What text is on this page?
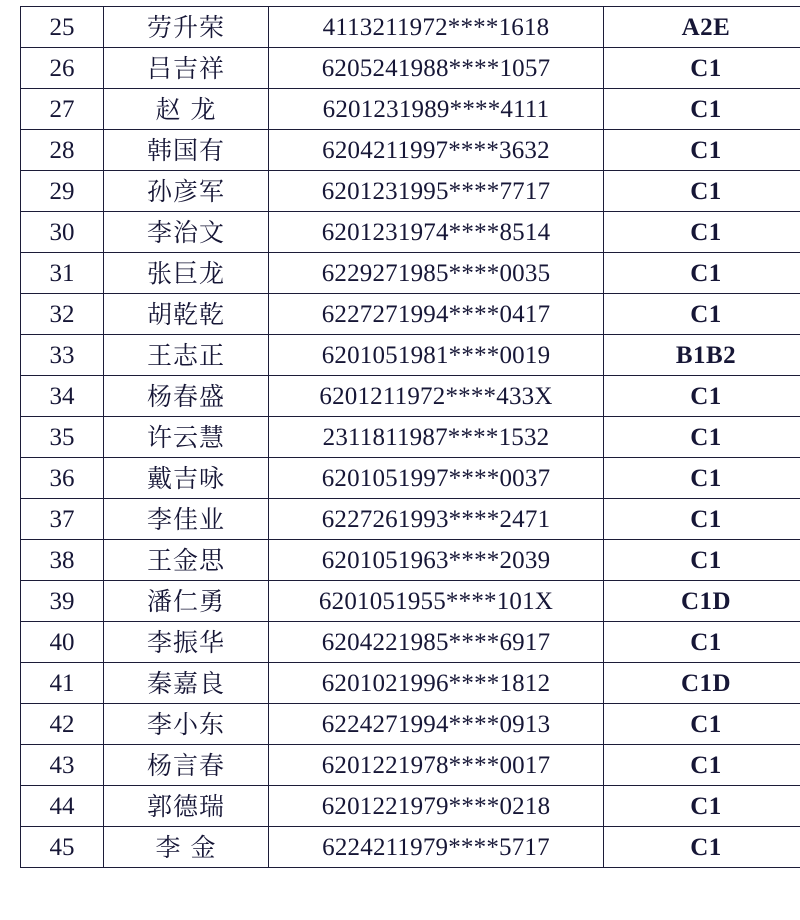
25	劳升荣	4113211972****1618	A2E
26	吕吉祥	6205241988****1057	C1
27	赵 龙	6201231989****4111	C1
28	韩国有	6204211997****3632	C1
29	孙彦军	6201231995****7717	C1
30	李治文	6201231974****8514	C1
31	张巨龙	6229271985****0035	C1
32	胡乾乾	6227271994****0417	C1
33	王志正	6201051981****0019	B1B2
34	杨春盛	6201211972****433X	C1
35	许云慧	2311811987****1532	C1
36	戴吉咏	6201051997****0037	C1
37	李佳业	6227261993****2471	C1
38	王金思	6201051963****2039	C1
39	潘仁勇	6201051955****101X	C1D
40	李振华	6204221985****6917	C1
41	秦嘉良	6201021996****1812	C1D
42	李小东	6224271994****0913	C1
43	杨言春	6201221978****0017	C1
44	郭德瑞	6201221979****0218	C1
45	李 金	6224211979****5717	C1
